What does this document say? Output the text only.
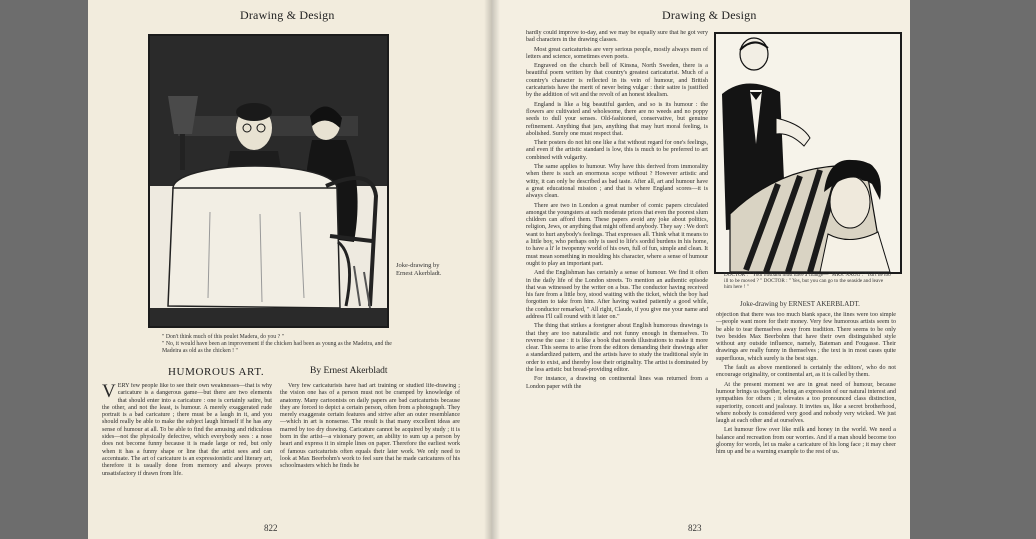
Drawing & Design
Joke-drawing by Ernest Akerbladt.
" Don't think much of this poulet Madera, do you ? "
" No, it would have been an improvement if the chicken had been as young as the Madeira, and the Madeira as old as the chicken ! "
HUMOROUS ART.	By Ernest Akerbladt
VERY few people like to see their own weaknesses—that is why caricature is a dangerous game—but there are two elements that should enter into a caricature : one is certainly satire, but the other, and not the least, is humour. A merely exaggerated rude portrait is a bad caricature ; there must be a laugh in it, and you should really be able to make the subject laugh himself if he has any sense of humour at all. To be able to find the amusing and ridiculous sides—not the physically defective, which everybody sees : a nose does not become funny because it is made large or red, but only when it has a funny shape or line that the artist sees and can accentuate. The art of caricature is an expressionistic and literary art, therefore it is usually done from memory and always proves unsatisfactory if drawn from life.

Very few caricaturists have had art training or studied life-drawing ; the vision one has of a person must not be cramped by knowledge of anatomy. Many cartoonists on daily papers are bad caricaturists because they are forced to depict a certain person, often from a photograph. They merely exaggerate certain features and strive after an outer resemblance—which in art is nonsense. The result is that many excellent ideas are marred by too dry drawing. Caricature cannot be acquired by study ; it is born in the artist—a visionary power, an ability to sum up a person by heart and express it in simple lines on paper. Therefore the earliest work of famous caricaturists often equals their later work. We only need to look at Max Beerbohm's work to feel sure that he made caricatures of his schoolmasters which he finds he

822
Drawing & Design

hardly could improve to-day, and we may be equally sure that he got very bad characters in the drawing classes.

Most great caricaturists are very serious people, mostly always men of letters and science, sometimes even poets.

Engraved on the church bell of Kinsna, North Sweden, there is a beautiful poem written by that country's greatest caricaturist. Much of a country's character is reflected in its vein of humour, and British caricaturists have the merit of never being vulgar : their satire is justified by the addition of wit and the revolt of an honest idealism.

England is like a big beautiful garden, and so is its humour : the flowers are cultivated and wholesome, there are no weeds and no poppy seeds to dull your senses. Old-fashioned, conservative, but genuine refinement. Anything that jars, anything that may hurt moral feeling, is abolished. Surely one must respect that.

Their posters do not hit one like a fist without regard for one's feelings, and even if the artistic standard is low, this is much to be preferred to art combined with vulgarity.

The same applies to humour. Why have this derived from immorality when there is such an enormous scope without ? However artistic and witty, it can only be described as bad taste. After all, art and humour have a great educational mission ; and that is where England scores—it is always clean.

There are two in London a great number of comic papers circulated amongst the youngsters at such moderate prices that even the poorest slum children can afford them. These papers avoid any joke about politics, religion, Jews, or anything that might offend anybody. They say : We don't want to hurt anybody's feelings. That expresses all. Think what it means to a little boy, who perhaps only is used to life's sordid burdens in his home, to have a li' le twopenny world of his own, full of fun, simple and clean. It must mean something in moulding his character, where a sense of humour ought to play an important part.

And the Englishman has certainly a sense of humour. We find it often in the daily life of the London streets. To mention an authentic episode that was witnessed by the writer on a bus. The conductor having received his fare from a little boy, stood waiting with the ticket, which the boy had forgotten to take from him. After having waited patiently a good while, the conductor remarked, " All right, Claude, if you give me your name and address I'll call round with it later on."

The thing that strikes a foreigner about English humorous drawings is that they are too naturalistic and not funny enough in themselves. To reverse the case : it is like a book that needs illustrations to make it more clear. This seems to arise from the editors demanding their drawings after a standardized pattern, and the artists have to study the traditional style in order to exist, and thereby lose their originality. The artist is dominated by the less artistic but bread-providing editor.

For instance, a drawing on continental lines was returned from a London paper with the

DOCTOR : " Your husband must have a change—" MRS. NAGG : " Isn't he too ill to be moved ? " DOCTOR : " Yes, but you can go to the seaside and leave him here ! "
Joke-drawing by ERNEST AKERBLADT.

objection that there was too much blank space, the lines were too simple—people want more for their money. Very few humorous artists seem to be able to tear themselves away from tradition. There seems to be only two besides Max Beerbohm that have their own distinguished style without any outside influence, namely, Bateman and Fougasse. Their drawings are really funny in themselves ; the text is in most cases quite superfluous, which surely is the best sign.

The fault as above mentioned is certainly the editors', who do not encourage originality, or continental art, as it is called by them.

At the present moment we are in great need of humour, because humour brings us together, being an expression of our natural interest and sympathies for others ; it elevates a too pronounced class distinction, superiority, conceit and jealousy. It invites us, like a secret brotherhood, where nobody is considered very good and nobody very wicked. We just laugh at each other and at ourselves.

Let humour flow over like milk and honey in the world. We need a balance and recreation from our worries. And if a man should become too gloomy for words, let us make a caricature of his long face ; it may cheer him up and be a warning example to the rest of us.

823
